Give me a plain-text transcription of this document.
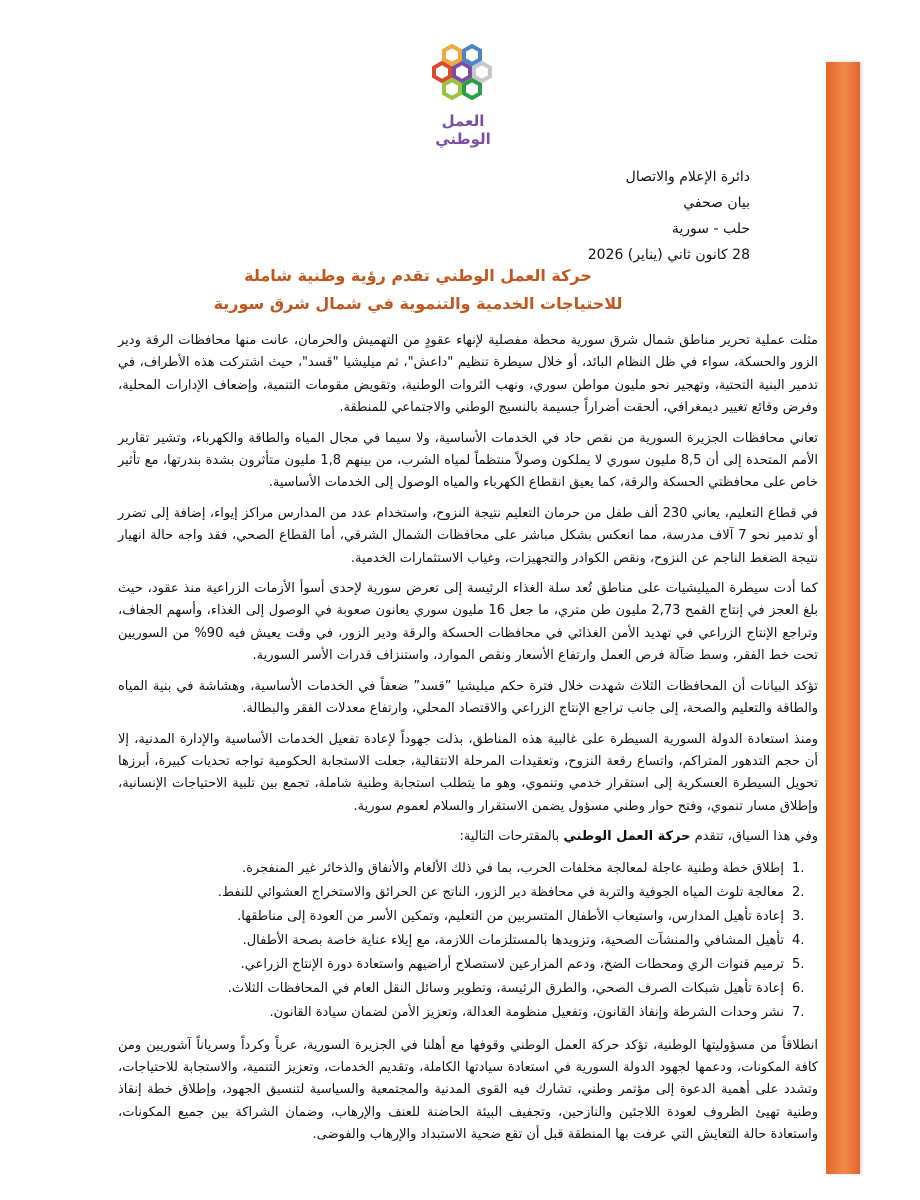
العمل الوطني
دائرة الإعلام والاتصال
بيان صحفي
حلب - سورية
28 كانون ثاني (يناير) 2026
حركة العمل الوطني تقدم رؤية وطنية شاملة
للاحتياجات الخدمية والتنموية في شمال شرق سورية

مثلت عملية تحرير مناطق شمال شرق سورية محطة مفصلية لإنهاء عقودٍ من التهميش والحرمان، عانت منها محافظات الرقة ودير الزور والحسكة، سواء في ظل النظام البائد، أو خلال سيطرة تنظيم "داعش"، ثم ميليشيا "قسد"، حيث اشتركت هذه الأطراف، في تدمير البنية التحتية، وتهجير نحو مليون مواطن سوري، ونهب الثروات الوطنية، وتقويض مقومات التنمية، وإضعاف الإدارات المحلية، وفرض وقائع تغيير ديمغرافي، ألحقت أضراراً جسيمة بالنسيج الوطني والاجتماعي للمنطقة.

تعاني محافظات الجزيرة السورية من نقص حاد في الخدمات الأساسية، ولا سيما في مجال المياه والطاقة والكهرباء، وتشير تقارير الأمم المتحدة إلى أن 8,5 مليون سوري لا يملكون وصولاً منتظماً لمياه الشرب، من بينهم 1,8 مليون متأثرون بشدة بندرتها، مع تأثير خاص على محافظتي الحسكة والرقة، كما يعيق انقطاع الكهرباء والمياه الوصول إلى الخدمات الأساسية.

في قطاع التعليم، يعاني 230 ألف طفل من حرمان التعليم نتيجة النزوح، واستخدام عدد من المدارس مراكز إيواء، إضافة إلى تضرر أو تدمير نحو 7 آلاف مدرسة، مما انعكس بشكل مباشر على محافظات الشمال الشرقي، أما القطاع الصحي، فقد واجه حالة انهيار نتيجة الضغط الناجم عن النزوح، ونقص الكوادر والتجهيزات، وغياب الاستثمارات الخدمية.

كما أدت سيطرة الميليشيات على مناطق تُعد سلة الغذاء الرئيسة إلى تعرض سورية لإحدى أسوأ الأزمات الزراعية منذ عقود، حيث بلغ العجز في إنتاج القمح 2,73 مليون طن متري، ما جعل 16 مليون سوري يعانون صعوبة في الوصول إلى الغذاء، وأسهم الجفاف، وتراجع الإنتاج الزراعي في تهديد الأمن الغذائي في محافظات الحسكة والرقة ودير الزور، في وقت يعيش فيه 90% من السوريين تحت خط الفقر، وسط ضآلة فرص العمل وارتفاع الأسعار ونقص الموارد، واستنزاف قدرات الأسر السورية.

تؤكد البيانات أن المحافظات الثلاث شهدت خلال فترة حكم ميليشيا ”قسد” ضعفاً في الخدمات الأساسية، وهشاشة في بنية المياه والطاقة والتعليم والصحة، إلى جانب تراجع الإنتاج الزراعي والاقتصاد المحلي، وارتفاع معدلات الفقر والبطالة.

ومنذ استعادة الدولة السورية السيطرة على غالبية هذه المناطق، بذلت جهوداً لإعادة تفعيل الخدمات الأساسية والإدارة المدنية، إلا أن حجم التدهور المتراكم، واتساع رقعة النزوح، وتعقيدات المرحلة الانتقالية، جعلت الاستجابة الحكومية تواجه تحديات كبيرة، أبرزها تحويل السيطرة العسكرية إلى استقرار خدمي وتنموي، وهو ما يتطلب استجابة وطنية شاملة، تجمع بين تلبية الاحتياجات الإنسانية، وإطلاق مسار تنموي، وفتح حوار وطني مسؤول يضمن الاستقرار والسلام لعموم سورية.

وفي هذا السياق، تتقدم حركة العمل الوطني بالمقترحات التالية:

1.
إطلاق خطة وطنية عاجلة لمعالجة مخلفات الحرب، بما في ذلك الألغام والأنفاق والذخائر غير المنفجرة.
2.
معالجة تلوث المياه الجوفية والتربة في محافظة دير الزور، الناتج عن الحرائق والاستخراج العشوائي للنفط.
3.
إعادة تأهيل المدارس، واستيعاب الأطفال المتسربين من التعليم، وتمكين الأسر من العودة إلى مناطقها.
4.
تأهيل المشافي والمنشآت الصحية، وتزويدها بالمستلزمات اللازمة، مع إيلاء عناية خاصة بصحة الأطفال.
5.
ترميم قنوات الري ومحطات الضخ، ودعم المزارعين لاستصلاح أراضيهم واستعادة دورة الإنتاج الزراعي.
6.
إعادة تأهيل شبكات الصرف الصحي، والطرق الرئيسة، وتطوير وسائل النقل العام في المحافظات الثلاث.
7.
نشر وحدات الشرطة وإنفاذ القانون، وتفعيل منظومة العدالة، وتعزيز الأمن لضمان سيادة القانون.

انطلاقاً من مسؤوليتها الوطنية، تؤكد حركة العمل الوطني وقوفها مع أهلنا في الجزيرة السورية، عرباً وكرداً وسرياناً آشوريين ومن كافة المكونات، ودعمها لجهود الدولة السورية في استعادة سيادتها الكاملة، وتقديم الخدمات، وتعزيز التنمية، والاستجابة للاحتياجات، وتشدد على أهمية الدعوة إلى مؤتمر وطني، تشارك فيه القوى المدنية والمجتمعية والسياسية لتنسيق الجهود، وإطلاق خطة إنقاذ وطنية تهيئ الظروف لعودة اللاجئين والنازحين، وتجفيف البيئة الحاضنة للعنف والإرهاب، وضمان الشراكة بين جميع المكونات، واستعادة حالة التعايش التي عرفت بها المنطقة قبل أن تقع ضحية الاستبداد والإرهاب والفوضى.
